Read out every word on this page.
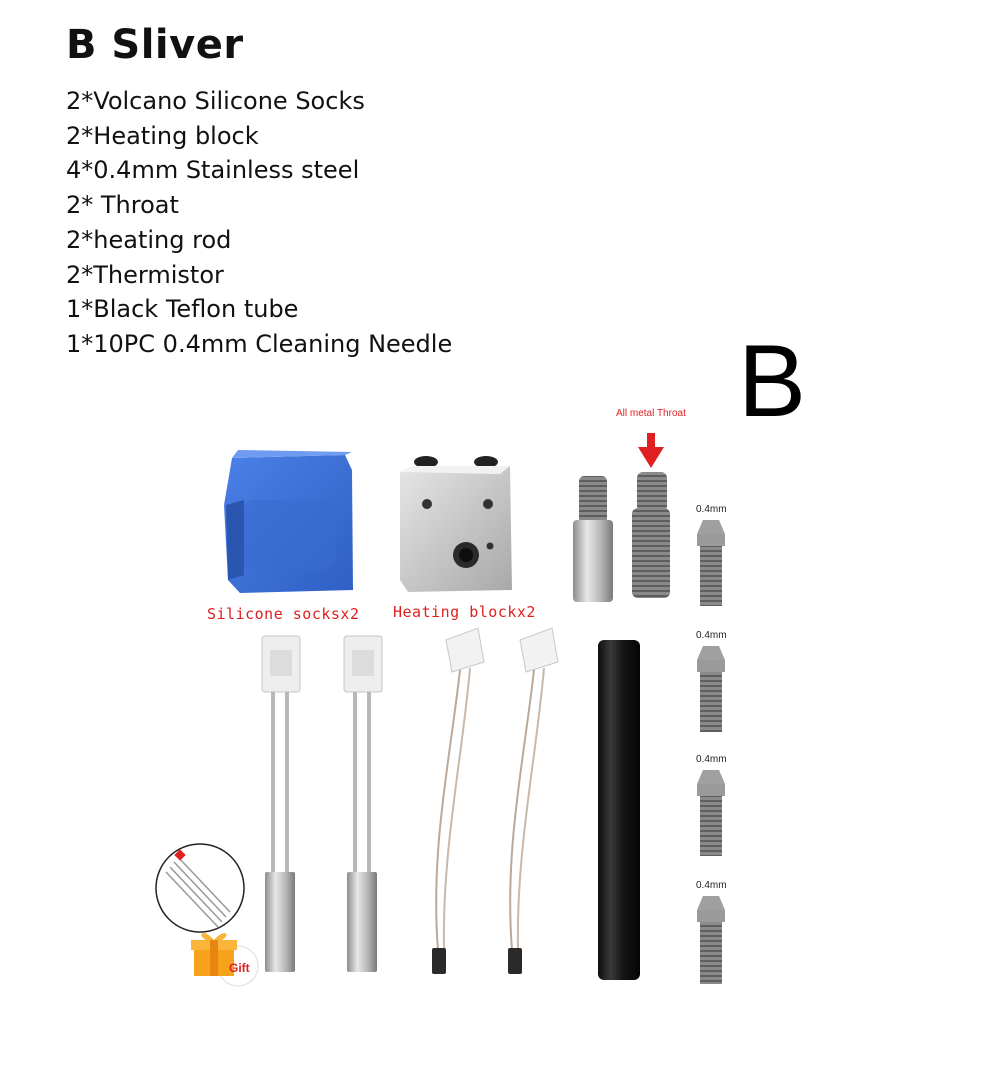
B Sliver
2*Volcano Silicone Socks
2*Heating block
4*0.4mm Stainless steel
2* Throat
2*heating rod
2*Thermistor
1*Black Teflon tube
1*10PC 0.4mm Cleaning Needle	B
All metal Throat
Silicone socksx2 Heating blockx2
0.4mm
0.4mm
0.4mm
0.4mm
Gift
